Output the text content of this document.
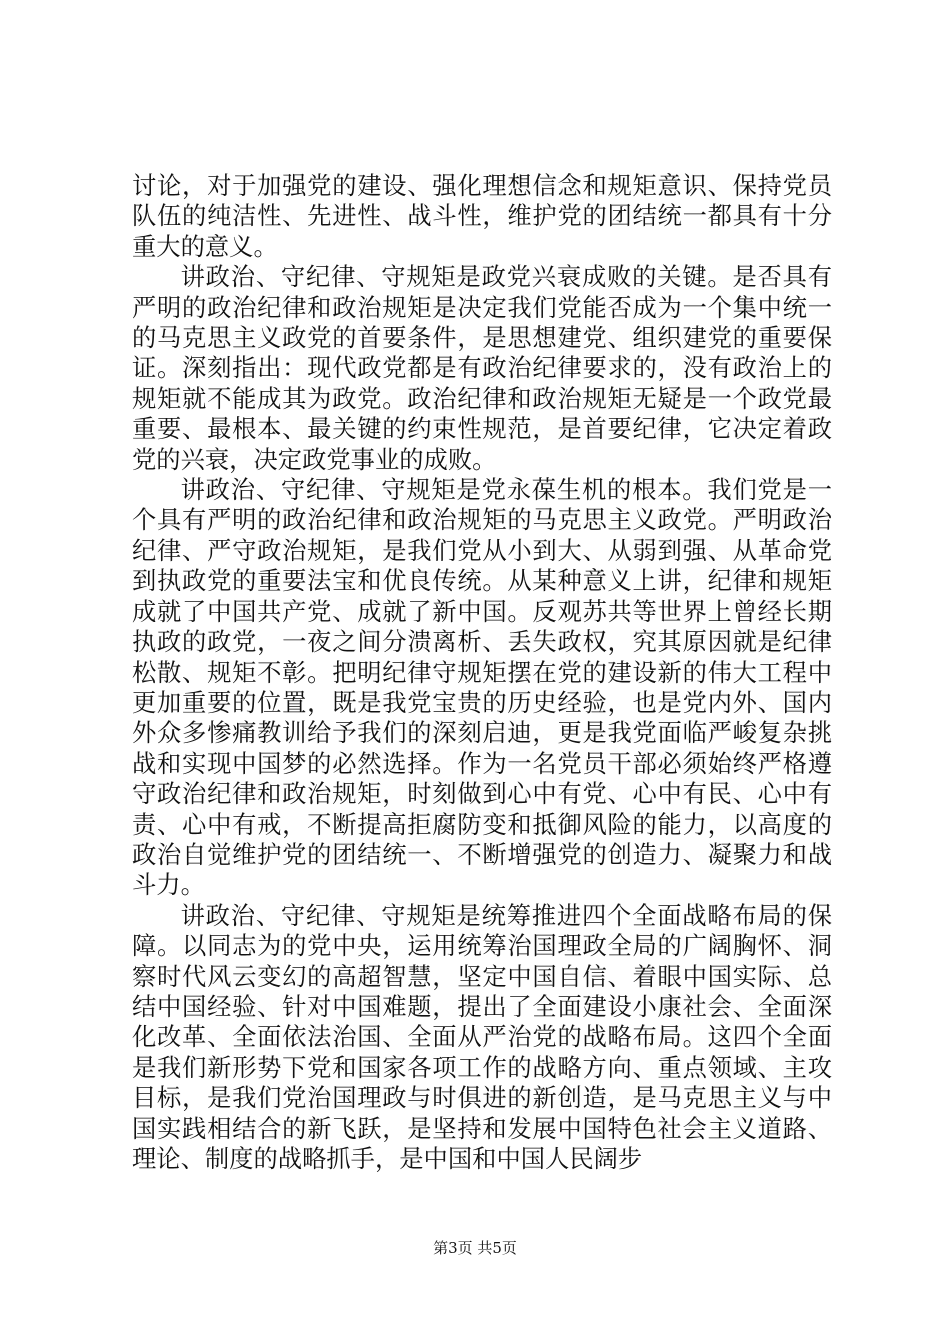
讨论，对于加强党的建设、强化理想信念和规矩意识、保持党员队伍的纯洁性、先进性、战斗性，维护党的团结统一都具有十分重大的意义。

讲政治、守纪律、守规矩是政党兴衰成败的关键。是否具有严明的政治纪律和政治规矩是决定我们党能否成为一个集中统一的马克思主义政党的首要条件，是思想建党、组织建党的重要保证。深刻指出：现代政党都是有政治纪律要求的，没有政治上的规矩就不能成其为政党。政治纪律和政治规矩无疑是一个政党最重要、最根本、最关键的约束性规范，是首要纪律，它决定着政党的兴衰，决定政党事业的成败。

讲政治、守纪律、守规矩是党永葆生机的根本。我们党是一个具有严明的政治纪律和政治规矩的马克思主义政党。严明政治纪律、严守政治规矩，是我们党从小到大、从弱到强、从革命党到执政党的重要法宝和优良传统。从某种意义上讲，纪律和规矩成就了中国共产党、成就了新中国。反观苏共等世界上曾经长期执政的政党，一夜之间分溃离析、丢失政权，究其原因就是纪律松散、规矩不彰。把明纪律守规矩摆在党的建设新的伟大工程中更加重要的位置，既是我党宝贵的历史经验，也是党内外、国内外众多惨痛教训给予我们的深刻启迪，更是我党面临严峻复杂挑战和实现中国梦的必然选择。作为一名党员干部必须始终严格遵守政治纪律和政治规矩，时刻做到心中有党、心中有民、心中有责、心中有戒，不断提高拒腐防变和抵御风险的能力，以高度的政治自觉维护党的团结统一、不断增强党的创造力、凝聚力和战斗力。

讲政治、守纪律、守规矩是统筹推进四个全面战略布局的保障。以同志为的党中央，运用统筹治国理政全局的广阔胸怀、洞察时代风云变幻的高超智慧，坚定中国自信、着眼中国实际、总结中国经验、针对中国难题，提出了全面建设小康社会、全面深化改革、全面依法治国、全面从严治党的战略布局。这四个全面是我们新形势下党和国家各项工作的战略方向、重点领域、主攻目标，是我们党治国理政与时俱进的新创造，是马克思主义与中国实践相结合的新飞跃，是坚持和发展中国特色社会主义道路、理论、制度的战略抓手，是中国和中国人民阔步

第3页 共5页
